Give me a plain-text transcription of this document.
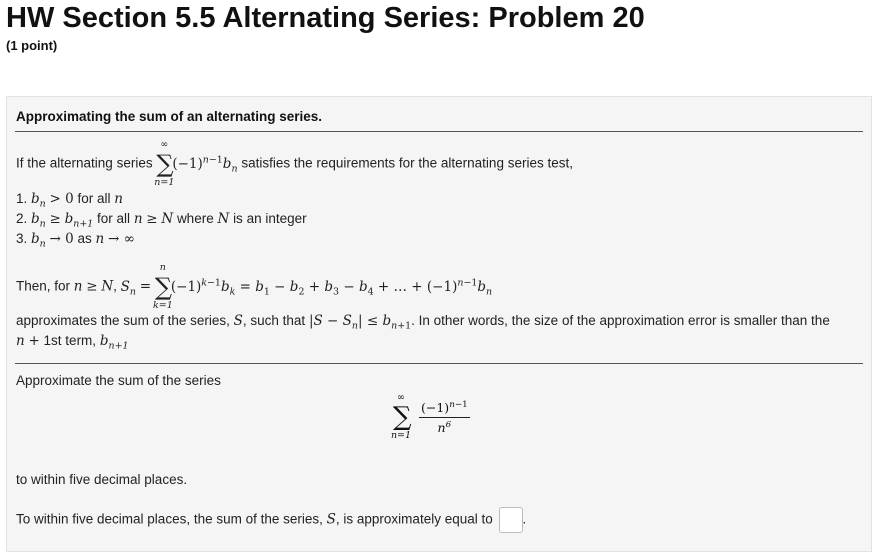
HW Section 5.5 Alternating Series: Problem 20
(1 point)
Approximating the sum of an alternating series.
If the alternating series ∑
∞
n=1
$(-1)^{n-1}b_n$ satisfies the requirements for the alternating series test,
1. $b_n > 0$ for all n
2. $b_n \ge b_{n+1}$ for all n ≥ N where N is an integer
3. $b_n \to 0$ as n → ∞
Then, for n ≥ N, $S_n$ = ∑
n
k=1
$(-1)^{k-1}b_k = b_1 - b_2 + b_3 - b_4$ + … + $(-1)^{n-1}b_n$
approximates the sum of the series, S, such that $|S - S_n| \le b_{n+1}$. In other words, the size of the approximation error is smaller than the
n + 1st term, $b_{n+1}$
Approximate the sum of the series
∑
∞
n=1
$\frac{(-1)^{n-1}}{n^6}$
to within five decimal places.
To within five decimal places, the sum of the series, S, is approximately equal to .
